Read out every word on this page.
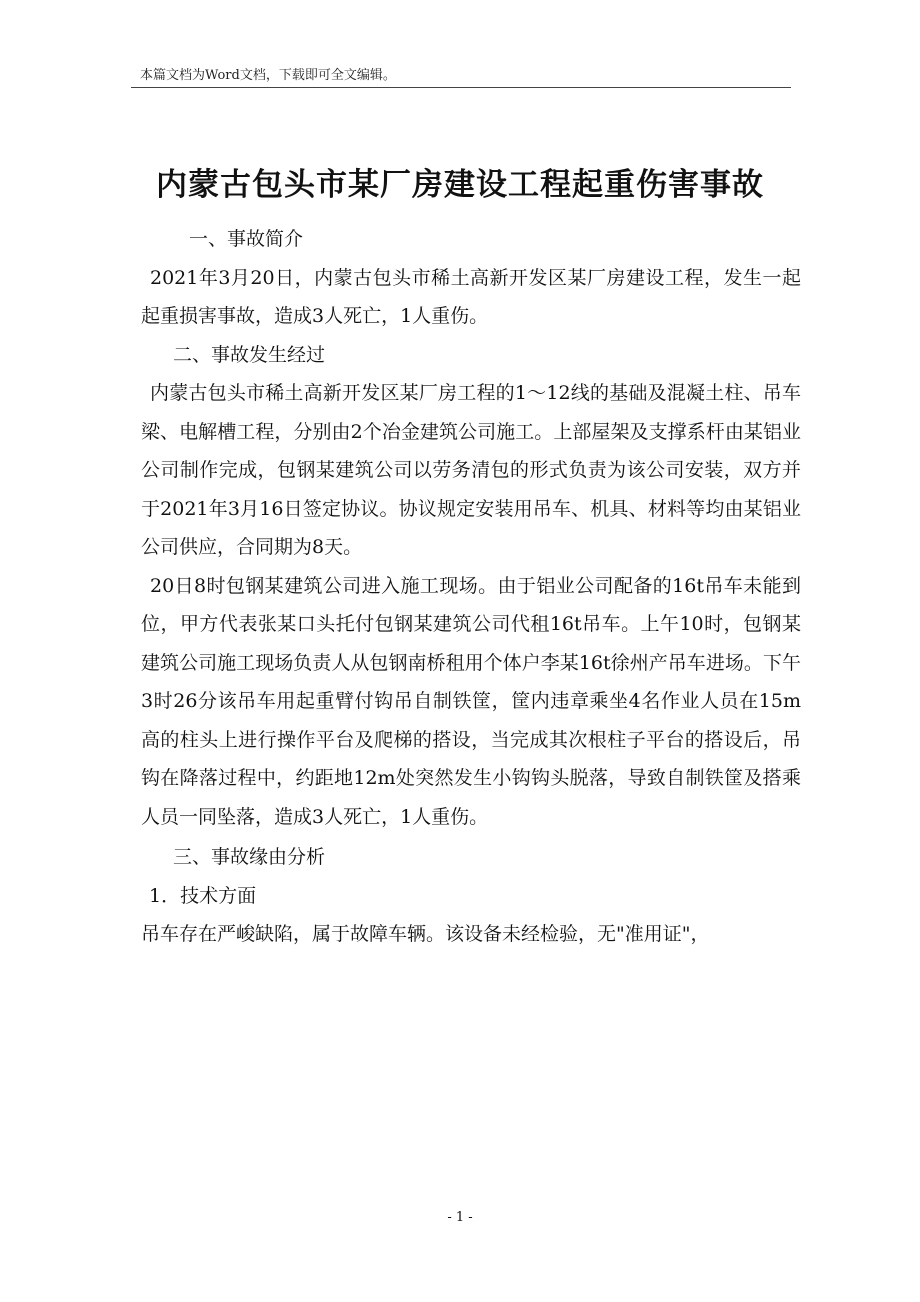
本篇文档为Word文档，下载即可全文编辑。
内蒙古包头市某厂房建设工程起重伤害事故

一、事故简介

2021年3月20日，内蒙古包头市稀土高新开发区某厂房建设工程，发生一起起重损害事故，造成3人死亡，1人重伤。

二、事故发生经过

内蒙古包头市稀土高新开发区某厂房工程的1～12线的基础及混凝土柱、吊车梁、电解槽工程，分别由2个冶金建筑公司施工。上部屋架及支撑系杆由某铝业公司制作完成，包钢某建筑公司以劳务清包的形式负责为该公司安装，双方并于2021年3月16日签定协议。协议规定安装用吊车、机具、材料等均由某铝业公司供应，合同期为8天。

20日8时包钢某建筑公司进入施工现场。由于铝业公司配备的16t吊车未能到位，甲方代表张某口头托付包钢某建筑公司代租16t吊车。上午10时，包钢某建筑公司施工现场负责人从包钢南桥租用个体户李某16t徐州产吊车进场。下午3时26分该吊车用起重臂付钩吊自制铁筐，筐内违章乘坐4名作业人员在15m高的柱头上进行操作平台及爬梯的搭设，当完成其次根柱子平台的搭设后，吊钩在降落过程中，约距地12m处突然发生小钩钩头脱落，导致自制铁筐及搭乘人员一同坠落，造成3人死亡，1人重伤。

三、事故缘由分析

1．技术方面

吊车存在严峻缺陷，属于故障车辆。该设备未经检验，无"准用证"，

- 1 -
